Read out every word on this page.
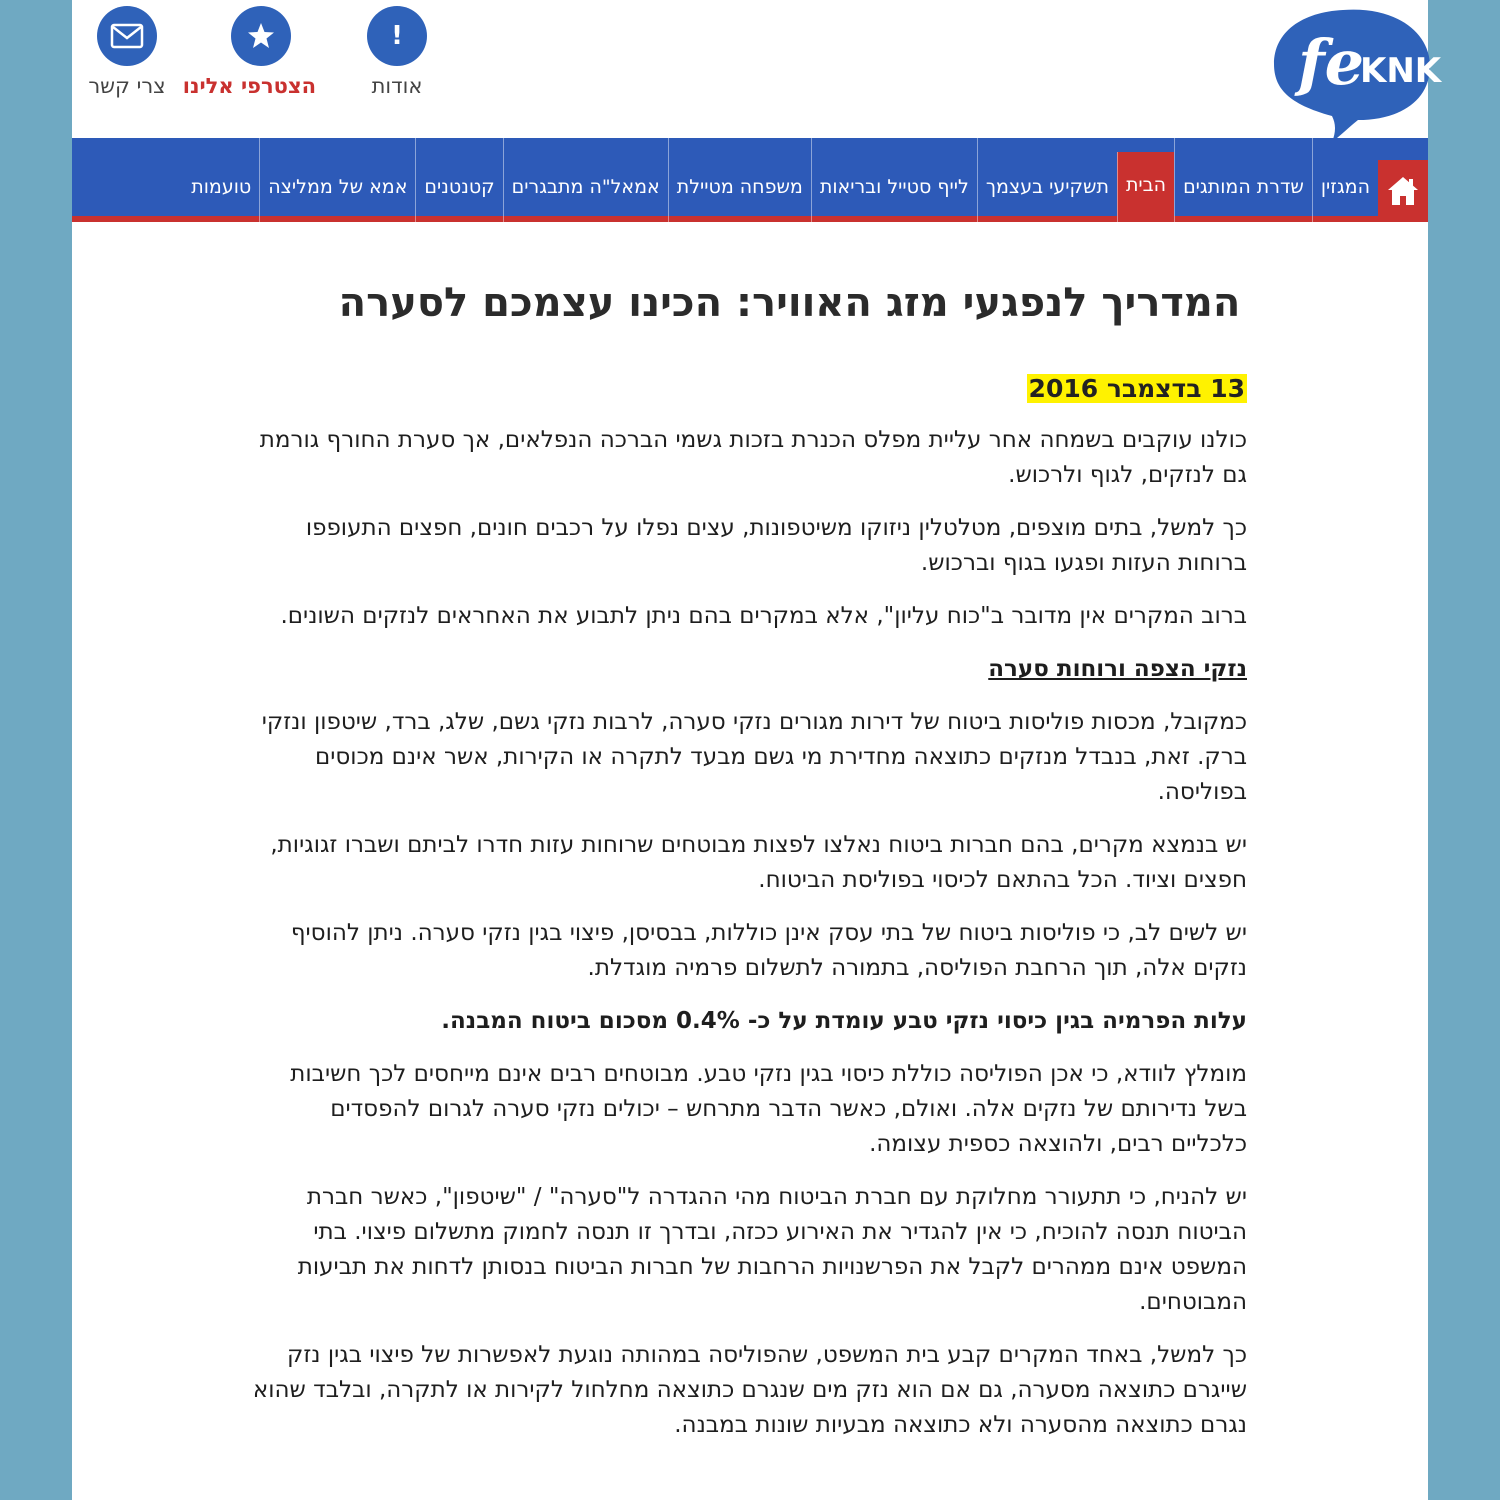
fe
KNK
צרי קשר הצטרפי אלינו
!
אודות
המגזין
שדרת המותגים
הבית
תשקיעי בעצמך
לייף סטייל ובריאות
משפחה מטיילת
אמאל"ה מתבגרים
קטנטנים
אמא של ממליצה
טועמות
המדריך לנפגעי מזג האוויר: הכינו עצמכם לסערה
13 בדצמבר 2016

כולנו עוקבים בשמחה אחר עליית מפלס הכנרת בזכות גשמי הברכה הנפלאים, אך סערת החורף גורמת גם לנזקים, לגוף ולרכוש.

כך למשל, בתים מוצפים, מטלטלין ניזוקו משיטפונות, עצים נפלו על רכבים חונים, חפצים התעופפו ברוחות העזות ופגעו בגוף וברכוש.

ברוב המקרים אין מדובר ב"כוח עליון", אלא במקרים בהם ניתן לתבוע את האחראים לנזקים השונים.

נזקי הצפה ורוחות סערה

כמקובל, מכסות פוליסות ביטוח של דירות מגורים נזקי סערה, לרבות נזקי גשם, שלג, ברד, שיטפון ונזקי ברק. זאת, בנבדל מנזקים כתוצאה מחדירת מי גשם מבעד לתקרה או הקירות, אשר אינם מכוסים בפוליסה.

יש בנמצא מקרים, בהם חברות ביטוח נאלצו לפצות מבוטחים שרוחות עזות חדרו לביתם ושברו זגוגיות, חפצים וציוד. הכל בהתאם לכיסוי בפוליסת הביטוח.

יש לשים לב, כי פוליסות ביטוח של בתי עסק אינן כוללות, בבסיסן, פיצוי בגין נזקי סערה. ניתן להוסיף נזקים אלה, תוך הרחבת הפוליסה, בתמורה לתשלום פרמיה מוגדלת.

עלות הפרמיה בגין כיסוי נזקי טבע עומדת על כ- 0.4% מסכום ביטוח המבנה.

מומלץ לוודא, כי אכן הפוליסה כוללת כיסוי בגין נזקי טבע. מבוטחים רבים אינם מייחסים לכך חשיבות בשל נדירותם של נזקים אלה. ואולם, כאשר הדבר מתרחש – יכולים נזקי סערה לגרום להפסדים כלכליים רבים, ולהוצאה כספית עצומה.

יש להניח, כי תתעורר מחלוקת עם חברת הביטוח מהי ההגדרה ל"סערה" / "שיטפון", כאשר חברת הביטוח תנסה להוכיח, כי אין להגדיר את האירוע ככזה, ובדרך זו תנסה לחמוק מתשלום פיצוי. בתי המשפט אינם ממהרים לקבל את הפרשנויות הרחבות של חברות הביטוח בנסותן לדחות את תביעות המבוטחים.

כך למשל, באחד המקרים קבע בית המשפט, שהפוליסה במהותה נוגעת לאפשרות של פיצוי בגין נזק שייגרם כתוצאה מסערה, גם אם הוא נזק מים שנגרם כתוצאה מחלחול לקירות או לתקרה, ובלבד שהוא נגרם כתוצאה מהסערה ולא כתוצאה מבעיות שונות במבנה.
